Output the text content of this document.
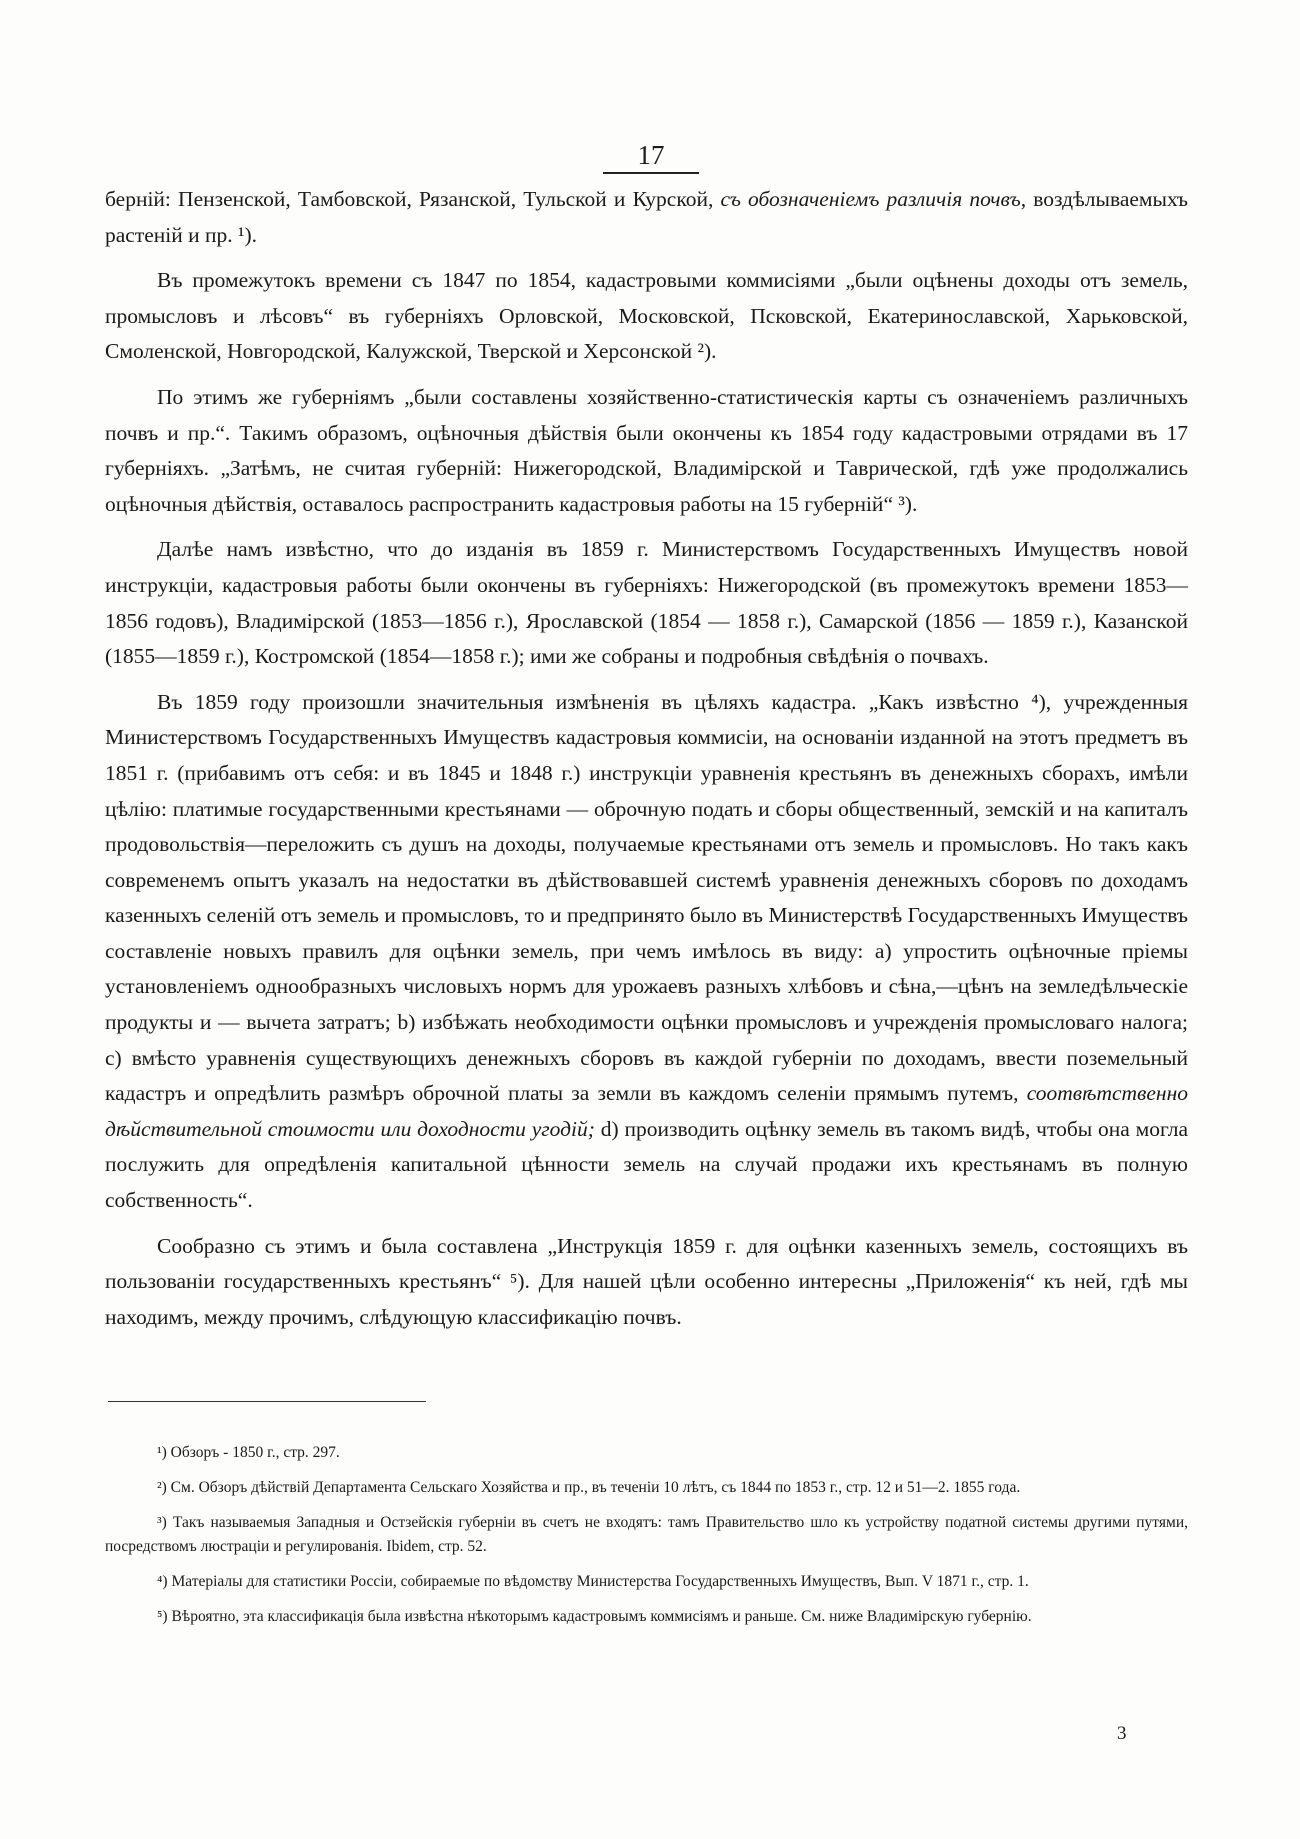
17

берній: Пензенской, Тамбовской, Рязанской, Тульской и Курской, съ обозначеніемъ различія почвъ, воздѣлываемыхъ растеній и пр. ¹).

Въ промежутокъ времени съ 1847 по 1854, кадастровыми коммисіями „были оцѣнены доходы отъ земель, промысловъ и лѣсовъ“ въ губерніяхъ Орловской, Московской, Псковской, Екатеринославской, Харьковской, Смоленской, Новгородской, Калужской, Тверской и Херсонской ²).

По этимъ же губерніямъ „были составлены хозяйственно-статистическія карты съ означеніемъ различныхъ почвъ и пр.“. Такимъ образомъ, оцѣночныя дѣйствія были окончены къ 1854 году кадастровыми отрядами въ 17 губерніяхъ. „Затѣмъ, не считая губерній: Нижегородской, Владимірской и Таврической, гдѣ уже продолжались оцѣночныя дѣйствія, оставалось распространить кадастровыя работы на 15 губерній“ ³).

Далѣе намъ извѣстно, что до изданія въ 1859 г. Министерствомъ Государственныхъ Имуществъ новой инструкціи, кадастровыя работы были окончены въ губерніяхъ: Нижегородской (въ промежутокъ времени 1853—1856 годовъ), Владимірской (1853—1856 г.), Ярославской (1854 — 1858 г.), Самарской (1856 — 1859 г.), Казанской (1855—1859 г.), Костромской (1854—1858 г.); ими же собраны и подробныя свѣдѣнія о почвахъ.

Въ 1859 году произошли значительныя измѣненія въ цѣляхъ кадастра. „Какъ извѣстно ⁴), учрежденныя Министерствомъ Государственныхъ Имуществъ кадастровыя коммисіи, на основаніи изданной на этотъ предметъ въ 1851 г. (прибавимъ отъ себя: и въ 1845 и 1848 г.) инструкціи уравненія крестьянъ въ денежныхъ сборахъ, имѣли цѣлію: платимые государственными крестьянами — оброчную подать и сборы общественный, земскій и на капиталъ продовольствія—переложить съ душъ на доходы, получаемые крестьянами отъ земель и промысловъ. Но такъ какъ современемъ опытъ указалъ на недостатки въ дѣйствовавшей системѣ уравненія денежныхъ сборовъ по доходамъ казенныхъ селеній отъ земель и промысловъ, то и предпринято было въ Министерствѣ Государственныхъ Имуществъ составленіе новыхъ правилъ для оцѣнки земель, при чемъ имѣлось въ виду: a) упростить оцѣночные пріемы установленіемъ однообразныхъ числовыхъ нормъ для урожаевъ разныхъ хлѣбовъ и сѣна,—цѣнъ на земледѣльческіе продукты и — вычета затратъ; b) избѣжать необходимости оцѣнки промысловъ и учрежденія промысловаго налога; c) вмѣсто уравненія существующихъ денежныхъ сборовъ въ каждой губерніи по доходамъ, ввести поземельный кадастръ и опредѣлить размѣръ оброчной платы за земли въ каждомъ селеніи прямымъ путемъ, соотвѣтственно дѣйствительной стоимости или доходности угодій; d) производить оцѣнку земель въ такомъ видѣ, чтобы она могла послужить для опредѣленія капитальной цѣнности земель на случай продажи ихъ крестьянамъ въ полную собственность“.

Сообразно съ этимъ и была составлена „Инструкція 1859 г. для оцѣнки казенныхъ земель, состоящихъ въ пользованіи государственныхъ крестьянъ“ ⁵). Для нашей цѣли особенно интересны „Приложенія“ къ ней, гдѣ мы находимъ, между прочимъ, слѣдующую классификацію почвъ.

¹) Обзоръ - 1850 г., стр. 297.

²) См. Обзоръ дѣйствій Департамента Сельскаго Хозяйства и пр., въ теченіи 10 лѣтъ, съ 1844 по 1853 г., стр. 12 и 51—2. 1855 года.

³) Такъ называемыя Западныя и Остзейскія губерніи въ счетъ не входятъ: тамъ Правительство шло къ устройству податной системы другими путями, посредствомъ люстраціи и регулированія. Ibidem, стр. 52.

⁴) Матеріалы для статистики Россіи, собираемые по вѣдомству Министерства Государственныхъ Имуществъ, Вып. V 1871 г., стр. 1.

⁵) Вѣроятно, эта классификація была извѣстна нѣкоторымъ кадастровымъ коммисіямъ и раньше. См. ниже Владимірскую губернію.

3
